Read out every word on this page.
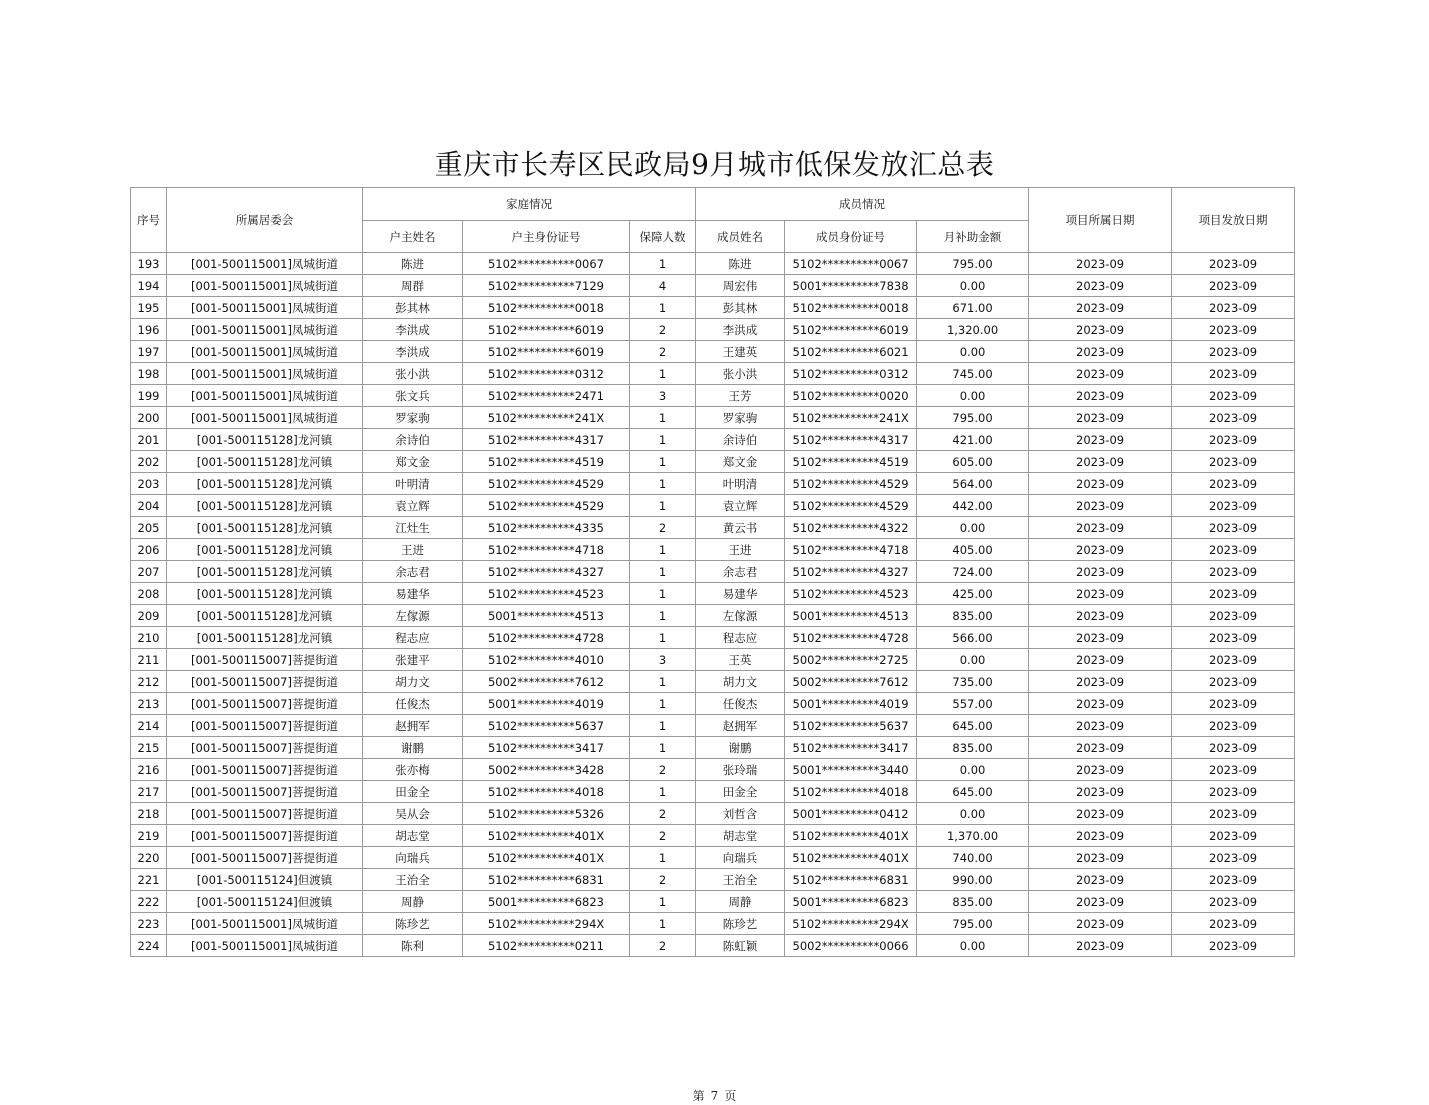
重庆市长寿区民政局9月城市低保发放汇总表
序号	所属居委会	家庭情况			成员情况			项目所属日期	项目发放日期
		户主姓名	户主身份证号	保障人数	成员姓名	成员身份证号	月补助金额		
193	[001-500115001]凤城街道	陈进	5102**********0067	1	陈进	5102**********0067	795.00	2023-09	2023-09
194	[001-500115001]凤城街道	周群	5102**********7129	4	周宏伟	5001**********7838	0.00	2023-09	2023-09
195	[001-500115001]凤城街道	彭其林	5102**********0018	1	彭其林	5102**********0018	671.00	2023-09	2023-09
196	[001-500115001]凤城街道	李洪成	5102**********6019	2	李洪成	5102**********6019	1,320.00	2023-09	2023-09
197	[001-500115001]凤城街道	李洪成	5102**********6019	2	王建英	5102**********6021	0.00	2023-09	2023-09
198	[001-500115001]凤城街道	张小洪	5102**********0312	1	张小洪	5102**********0312	745.00	2023-09	2023-09
199	[001-500115001]凤城街道	张文兵	5102**********2471	3	王芳	5102**********0020	0.00	2023-09	2023-09
200	[001-500115001]凤城街道	罗家驹	5102**********241X	1	罗家驹	5102**********241X	795.00	2023-09	2023-09
201	[001-500115128]龙河镇	余诗伯	5102**********4317	1	余诗伯	5102**********4317	421.00	2023-09	2023-09
202	[001-500115128]龙河镇	郑文金	5102**********4519	1	郑文金	5102**********4519	605.00	2023-09	2023-09
203	[001-500115128]龙河镇	叶明清	5102**********4529	1	叶明清	5102**********4529	564.00	2023-09	2023-09
204	[001-500115128]龙河镇	袁立辉	5102**********4529	1	袁立辉	5102**********4529	442.00	2023-09	2023-09
205	[001-500115128]龙河镇	江灶生	5102**********4335	2	黄云书	5102**********4322	0.00	2023-09	2023-09
206	[001-500115128]龙河镇	王进	5102**********4718	1	王进	5102**********4718	405.00	2023-09	2023-09
207	[001-500115128]龙河镇	余志君	5102**********4327	1	余志君	5102**********4327	724.00	2023-09	2023-09
208	[001-500115128]龙河镇	易建华	5102**********4523	1	易建华	5102**********4523	425.00	2023-09	2023-09
209	[001-500115128]龙河镇	左傢源	5001**********4513	1	左傢源	5001**********4513	835.00	2023-09	2023-09
210	[001-500115128]龙河镇	程志应	5102**********4728	1	程志应	5102**********4728	566.00	2023-09	2023-09
211	[001-500115007]菩提街道	张建平	5102**********4010	3	王英	5002**********2725	0.00	2023-09	2023-09
212	[001-500115007]菩提街道	胡力文	5002**********7612	1	胡力文	5002**********7612	735.00	2023-09	2023-09
213	[001-500115007]菩提街道	任俊杰	5001**********4019	1	任俊杰	5001**********4019	557.00	2023-09	2023-09
214	[001-500115007]菩提街道	赵拥军	5102**********5637	1	赵拥军	5102**********5637	645.00	2023-09	2023-09
215	[001-500115007]菩提街道	谢鹏	5102**********3417	1	谢鹏	5102**********3417	835.00	2023-09	2023-09
216	[001-500115007]菩提街道	张亦梅	5002**********3428	2	张玲瑞	5001**********3440	0.00	2023-09	2023-09
217	[001-500115007]菩提街道	田金全	5102**********4018	1	田金全	5102**********4018	645.00	2023-09	2023-09
218	[001-500115007]菩提街道	吴从会	5102**********5326	2	刘哲含	5001**********0412	0.00	2023-09	2023-09
219	[001-500115007]菩提街道	胡志堂	5102**********401X	2	胡志堂	5102**********401X	1,370.00	2023-09	2023-09
220	[001-500115007]菩提街道	向瑞兵	5102**********401X	1	向瑞兵	5102**********401X	740.00	2023-09	2023-09
221	[001-500115124]但渡镇	王治全	5102**********6831	2	王治全	5102**********6831	990.00	2023-09	2023-09
222	[001-500115124]但渡镇	周静	5001**********6823	1	周静	5001**********6823	835.00	2023-09	2023-09
223	[001-500115001]凤城街道	陈珍艺	5102**********294X	1	陈珍艺	5102**********294X	795.00	2023-09	2023-09
224	[001-500115001]凤城街道	陈利	5102**********0211	2	陈虹颖	5002**********0066	0.00	2023-09	2023-09
第 7 页
